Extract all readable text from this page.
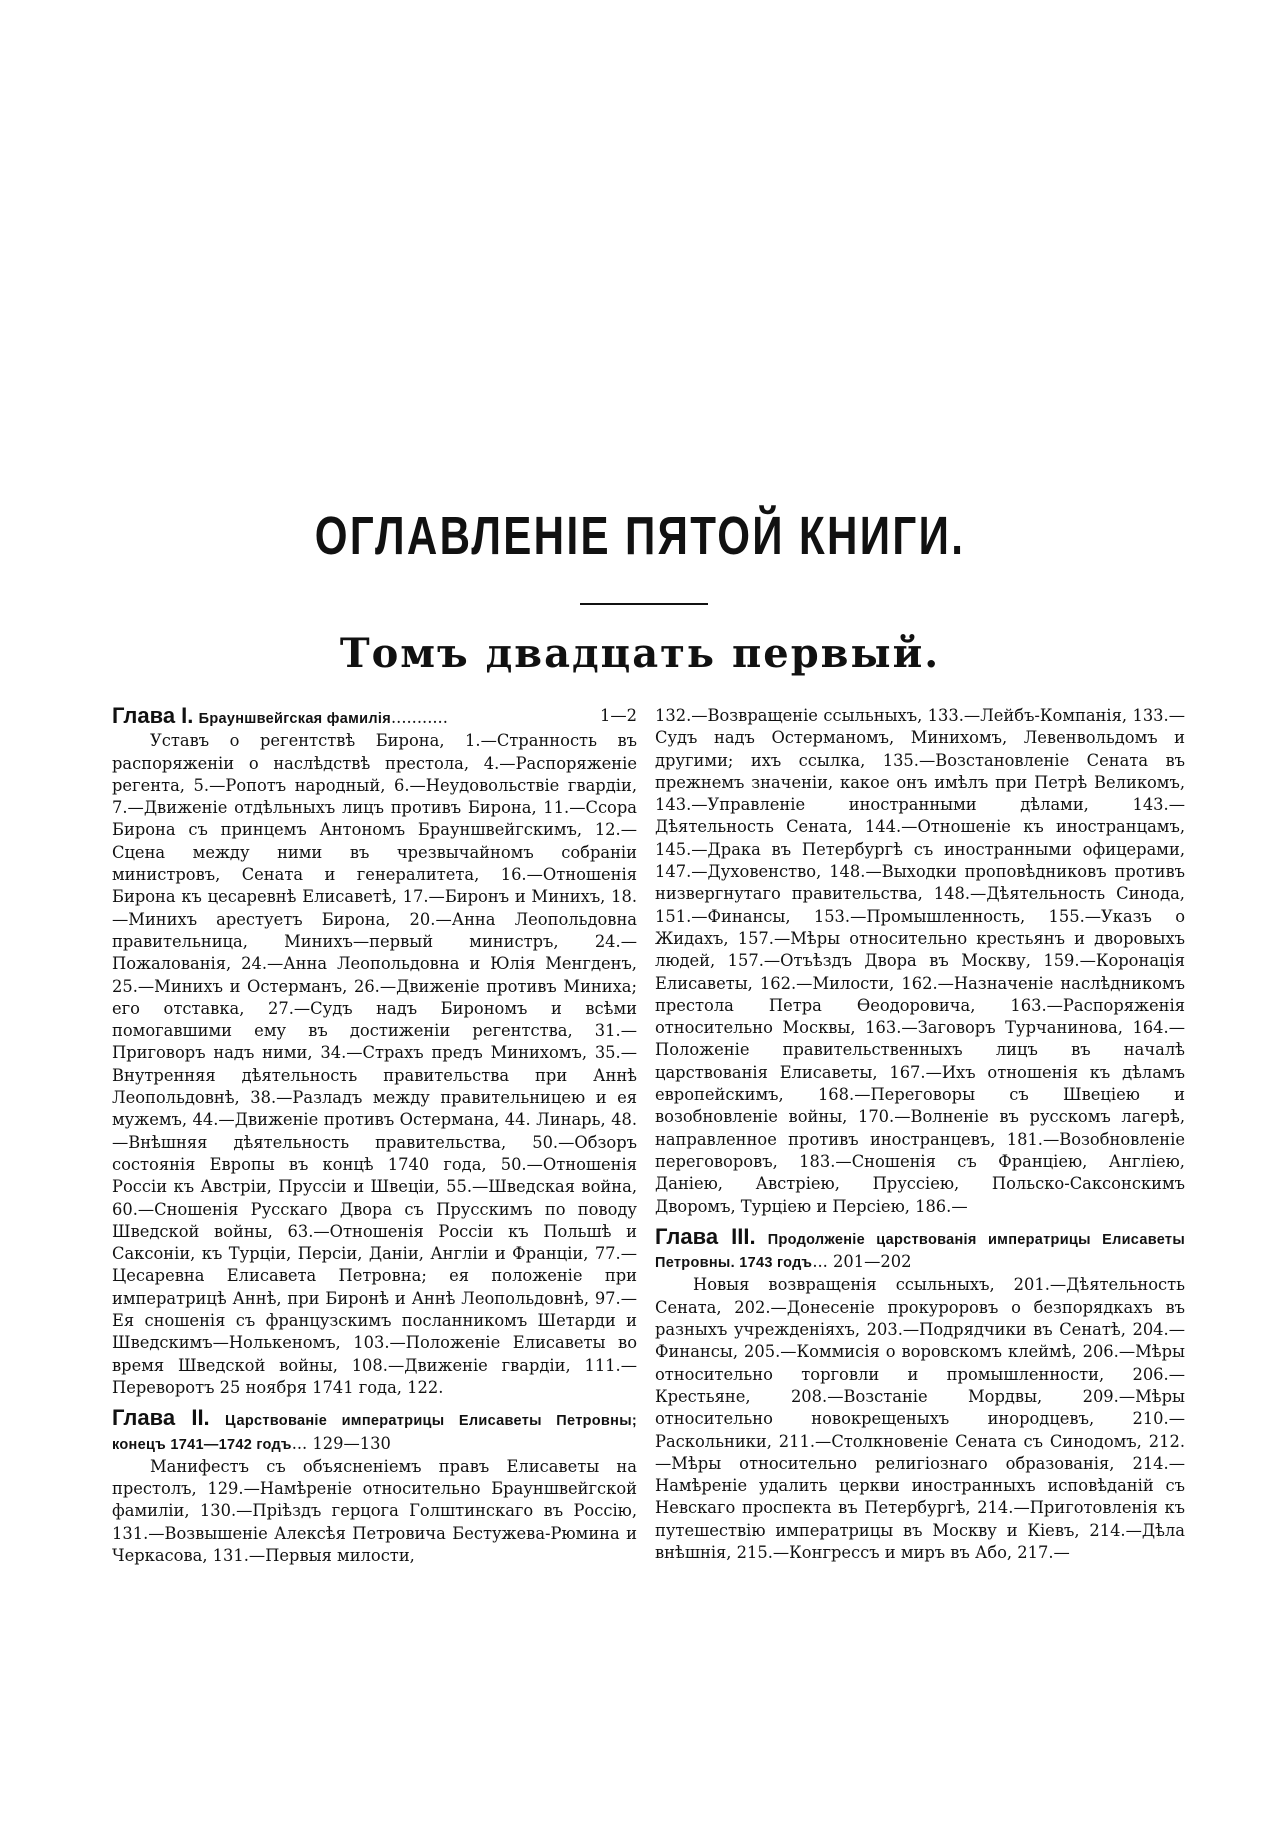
ОГЛАВЛЕНІЕ ПЯТОЙ КНИГИ.
Томъ двадцать первый.

1—2
Глава I. Брауншвейгская фамилія...........

Уставъ о регентствѣ Бирона, 1.—Странность въ распоряженіи о наслѣдствѣ престола, 4.—Распоряженіе регента, 5.—Ропотъ народный, 6.—Неудовольствіе гвардіи, 7.—Движеніе отдѣльныхъ лицъ противъ Бирона, 11.—Ссора Бирона съ принцемъ Антономъ Брауншвейгскимъ, 12.—Сцена между ними въ чрезвычайномъ собраніи министровъ, Сената и генералитета, 16.—Отношенія Бирона къ цесаревнѣ Елисаветѣ, 17.—Биронъ и Минихъ, 18.—Минихъ арестуетъ Бирона, 20.—Анна Леопольдовна правительница, Минихъ—первый министръ, 24.—Пожалованія, 24.—Анна Леопольдовна и Юлія Менгденъ, 25.—Минихъ и Остерманъ, 26.—Движеніе противъ Миниха; его отставка, 27.—Судъ надъ Бирономъ и всѣми помогавшими ему въ достиженіи регентства, 31.—Приговоръ надъ ними, 34.—Страхъ предъ Минихомъ, 35.—Внутренняя дѣятельность правительства при Аннѣ Леопольдовнѣ, 38.—Разладъ между правительницею и ея мужемъ, 44.—Движеніе противъ Остермана, 44. Линарь, 48.—Внѣшняя дѣятельность правительства, 50.—Обзоръ состоянія Европы въ концѣ 1740 года, 50.—Отношенія Россіи къ Австріи, Пруссіи и Швеціи, 55.—Шведская война, 60.—Сношенія Русскаго Двора съ Прусскимъ по поводу Шведской войны, 63.—Отношенія Россіи къ Польшѣ и Саксоніи, къ Турціи, Персіи, Даніи, Англіи и Франціи, 77.—Цесаревна Елисавета Петровна; ея положеніе при императрицѣ Аннѣ, при Биронѣ и Аннѣ Леопольдовнѣ, 97.—Ея сношенія съ французскимъ посланникомъ Шетарди и Шведскимъ—Нолькеномъ, 103.—Положеніе Елисаветы во время Шведской войны, 108.—Движеніе гвардіи, 111.—Переворотъ 25 ноября 1741 года, 122.

Глава II. Царствованіе императрицы Елисаветы Петровны; конецъ 1741—1742 годъ... 129—130

Манифестъ съ объясненіемъ правъ Елисаветы на престолъ, 129.—Намѣреніе относительно Брауншвейгской фамиліи, 130.—Пріѣздъ герцога Голштинскаго въ Россію, 131.—Возвышеніе Алексѣя Петровича Бестужева-Рюмина и Черкасова, 131.—Первыя милости,

132.—Возвращеніе ссыльныхъ, 133.—Лейбъ-Компанія, 133.—Судъ надъ Остерманомъ, Минихомъ, Левенвольдомъ и другими; ихъ ссылка, 135.—Возстановленіе Сената въ прежнемъ значеніи, какое онъ имѣлъ при Петрѣ Великомъ, 143.—Управленіе иностранными дѣлами, 143.—Дѣятельность Сената, 144.—Отношеніе къ иностранцамъ, 145.—Драка въ Петербургѣ съ иностранными офицерами, 147.—Духовенство, 148.—Выходки проповѣдниковъ противъ низвергнутаго правительства, 148.—Дѣятельность Синода, 151.—Финансы, 153.—Промышленность, 155.—Указъ о Жидахъ, 157.—Мѣры относительно крестьянъ и дворовыхъ людей, 157.—Отъѣздъ Двора въ Москву, 159.—Коронація Елисаветы, 162.—Милости, 162.—Назначеніе наслѣдникомъ престола Петра Ѳеодоровича, 163.—Распоряженія относительно Москвы, 163.—Заговоръ Турчанинова, 164.—Положеніе правительственныхъ лицъ въ началѣ царствованія Елисаветы, 167.—Ихъ отношенія къ дѣламъ европейскимъ, 168.—Переговоры съ Швеціею и возобновленіе войны, 170.—Волненіе въ русскомъ лагерѣ, направленное противъ иностранцевъ, 181.—Возобновленіе переговоровъ, 183.—Сношенія съ Франціею, Англіею, Даніею, Австріею, Пруссіею, Польско-Саксонскимъ Дворомъ, Турціею и Персіею, 186.—

Глава III. Продолженіе царствованія императрицы Елисаветы Петровны. 1743 годъ... 201—202

Новыя возвращенія ссыльныхъ, 201.—Дѣятельность Сената, 202.—Донесеніе прокуроровъ о безпорядкахъ въ разныхъ учрежденіяхъ, 203.—Подрядчики въ Сенатѣ, 204.—Финансы, 205.—Коммисія о воровскомъ клеймѣ, 206.—Мѣры относительно торговли и промышленности, 206.—Крестьяне, 208.—Возстаніе Мордвы, 209.—Мѣры относительно новокрещеныхъ инородцевъ, 210.—Раскольники, 211.—Столкновеніе Сената съ Синодомъ, 212.—Мѣры относительно религіознаго образованія, 214.—Намѣреніе удалить церкви иностранныхъ исповѣданій съ Невскаго проспекта въ Петербургѣ, 214.—Приготовленія къ путешествію императрицы въ Москву и Кіевъ, 214.—Дѣла внѣшнія, 215.—Конгрессъ и миръ въ Або, 217.—
